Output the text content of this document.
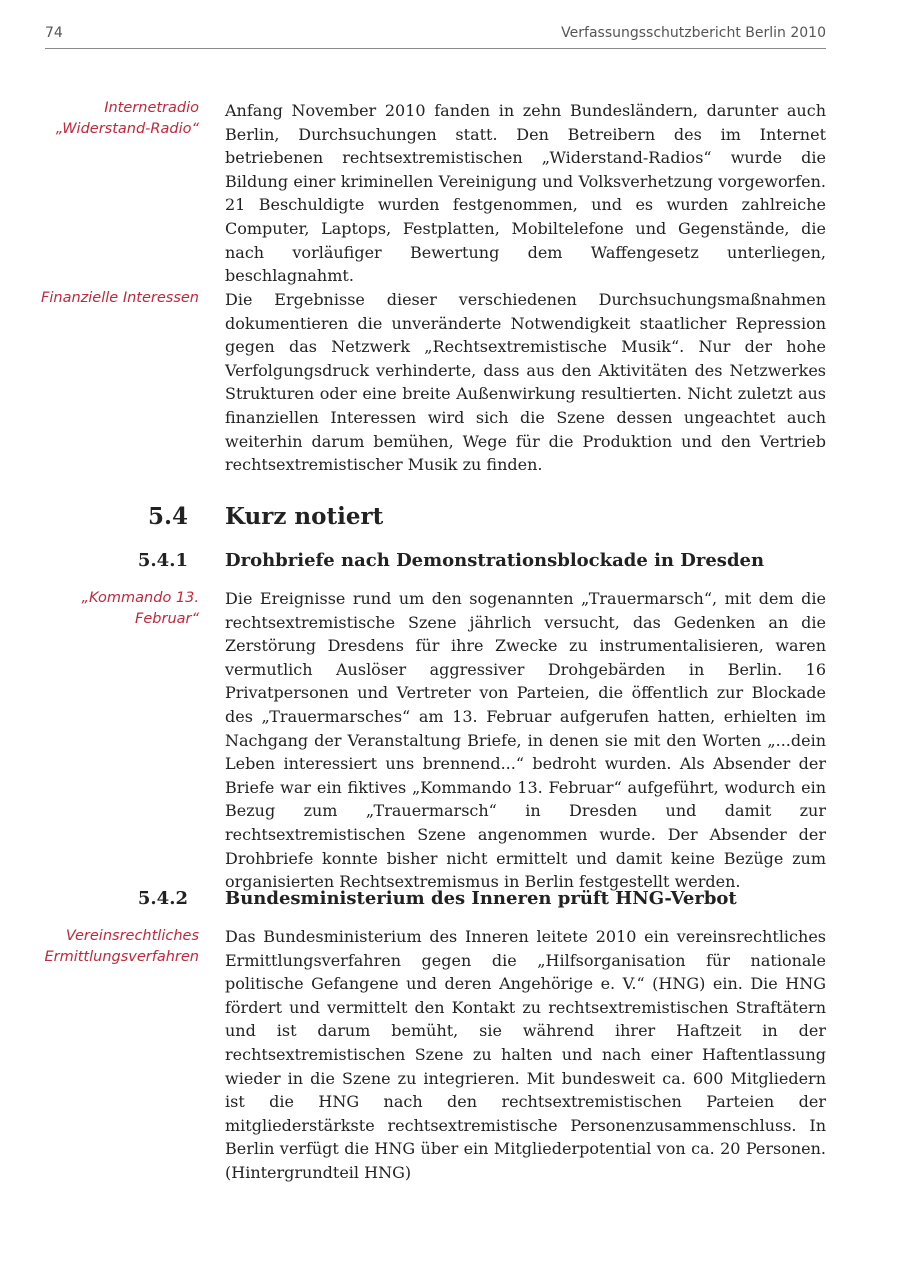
74	Verfassungsschutzbericht Berlin 2010
Internetradio „Widerstand-Radio“

Anfang November 2010 fanden in zehn Bundesländern, darunter auch Berlin, Durchsuchungen statt. Den Betreibern des im Internet betriebenen rechtsextremistischen „Widerstand-Radios“ wurde die Bildung einer kriminellen Vereinigung und Volksverhetzung vorgeworfen. 21 Beschuldigte wurden festgenommen, und es wurden zahlreiche Computer, Laptops, Festplatten, Mobiltelefone und Gegenstände, die nach vorläufiger Bewertung dem Waffengesetz unterliegen, beschlagnahmt.

Finanzielle Interessen Die Ergebnisse dieser verschiedenen Durchsuchungsmaßnahmen dokumentieren die unveränderte Notwendigkeit staatlicher Repression gegen das Netzwerk „Rechtsextremistische Musik“. Nur der hohe Verfolgungsdruck verhinderte, dass aus den Aktivitäten des Netzwerkes Strukturen oder eine breite Außenwirkung resultierten. Nicht zuletzt aus finanziellen Interessen wird sich die Szene dessen ungeachtet auch weiterhin darum bemühen, Wege für die Produktion und den Vertrieb rechtsextremistischer Musik zu finden.

5.4 Kurz notiert
5.4.1 Drohbriefe nach Demonstrationsblockade in Dresden
„Kommando 13. Februar“

Die Ereignisse rund um den sogenannten „Trauermarsch“, mit dem die rechtsextremistische Szene jährlich versucht, das Gedenken an die Zerstörung Dresdens für ihre Zwecke zu instrumentalisieren, waren vermutlich Auslöser aggressiver Drohgebärden in Berlin. 16 Privatpersonen und Vertreter von Parteien, die öffentlich zur Blockade des „Trauermarsches“ am 13. Februar aufgerufen hatten, erhielten im Nachgang der Veranstaltung Briefe, in denen sie mit den Worten „...dein Leben interessiert uns brennend...“ bedroht wurden. Als Absender der Briefe war ein fiktives „Kommando 13. Februar“ aufgeführt, wodurch ein Bezug zum „Trauermarsch“ in Dresden und damit zur rechtsextremistischen Szene angenommen wurde. Der Absender der Drohbriefe konnte bisher nicht ermittelt und damit keine Bezüge zum organisierten Rechtsextremismus in Berlin festgestellt werden.

5.4.2 Bundesministerium des Inneren prüft HNG-Verbot
Vereinsrechtliches Ermittlungsverfahren

Das Bundesministerium des Inneren leitete 2010 ein vereinsrechtliches Ermittlungsverfahren gegen die „Hilfsorganisation für nationale politische Gefangene und deren Angehörige e. V.“ (HNG) ein. Die HNG fördert und vermittelt den Kontakt zu rechtsextremistischen Straftätern und ist darum bemüht, sie während ihrer Haftzeit in der rechtsextremistischen Szene zu halten und nach einer Haftentlassung wieder in die Szene zu integrieren. Mit bundesweit ca. 600 Mitgliedern ist die HNG nach den rechtsextremistischen Parteien der mitgliederstärkste rechtsextremistische Personenzusammenschluss. In Berlin verfügt die HNG über ein Mitgliederpotential von ca. 20 Personen. (Hintergrundteil HNG)
